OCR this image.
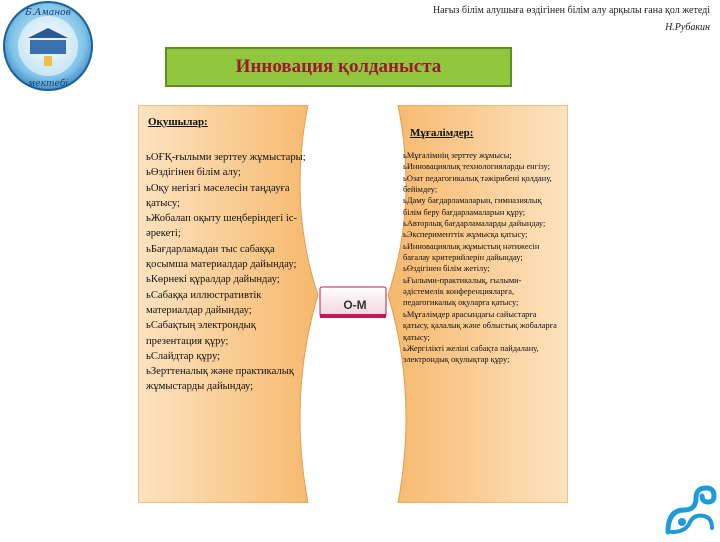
Б.Аманов
мектебі
Нағыз білім алушыға өздігінен білім алу арқылы ғана қол жетеді
Н.Рубакин
Инновация қолданыста
Оқушылар:
ьОҒҚ-ғылыми зерттеу жұмыстары;
ьӨздігінен білім алу;
ьОқу негізгі мәселесін таңдауға қатысу;
ьЖобалап оқыту шеңберіндегі іс-әрекеті;
ьБағдарламадан тыс сабаққа қосымша материалдар дайындау;
ьКөрнекі құралдар дайындау;
ьСабаққа иллюстративтік материалдар дайындау;
ьСабақтың электрондық презентация құру;
ьСлайдтар құру;
ьЗерттеналық және практикалық жұмыстарды дайындау;
О-М
Мұғалімдер:
ьМұғалімнің зерттеу жұмысы;
ьИнновациялық технологияларды енгізу;
ьОзат педагогикалық тәжірибені қолдану, бейімдеу;
ьДаму бағдарламаларын, гимназиялық білім беру бағдарламаларын құру;
ьАвторлық бағдарламаларды дайындау;
ьЭксперименттік жұмысқа қатысу;
ьИнновациялық жұмыстың нәтижесін бағалау критерийлерін дайындау;
ьӨздігінен білім жетілу;
ьҒылыми-практикалық, ғылыми-әдістемелік конференцияларға, педагогикалық оқуларға қатысу;
ьМұғалімдер арасындағы сайыстарға қатысу, қалалық және облыстық жобаларға қатысу;
ьЖергілікті желіні сабақта пайдалану, электрондық оқулықтар құру;
